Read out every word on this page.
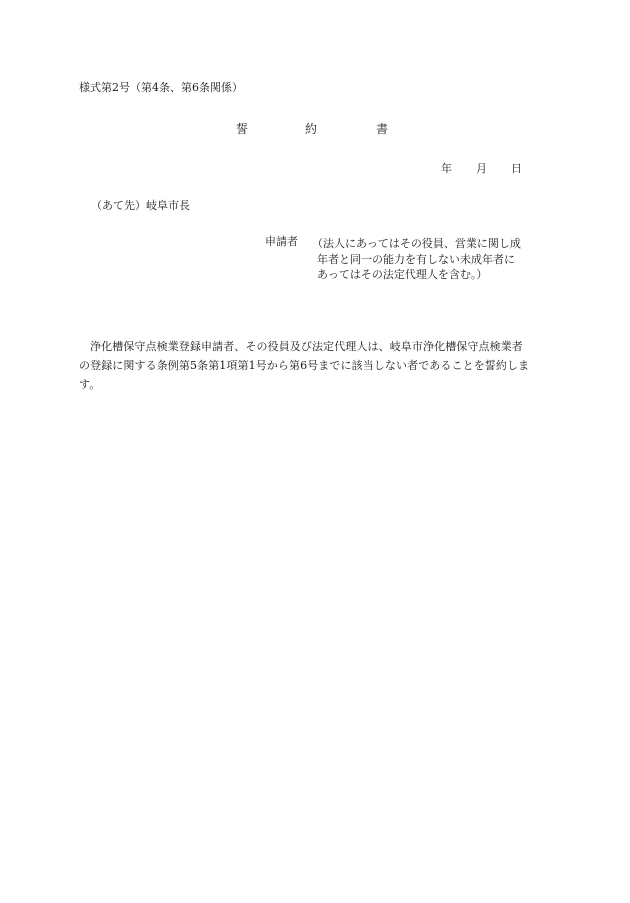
様式第2号（第4条、第6条関係）
誓	約	書
年 月 日
（あて先）岐阜市長
申請者 （法人にあってはその役員、営業に関し成
年者と同一の能力を有しない未成年者に
あってはその法定代理人を含む。）
浄化槽保守点検業登録申請者、その役員及び法定代理人は、岐阜市浄化槽保守点検業者
の登録に関する条例第5条第1項第1号から第6号までに該当しない者であることを誓約しま
す。
